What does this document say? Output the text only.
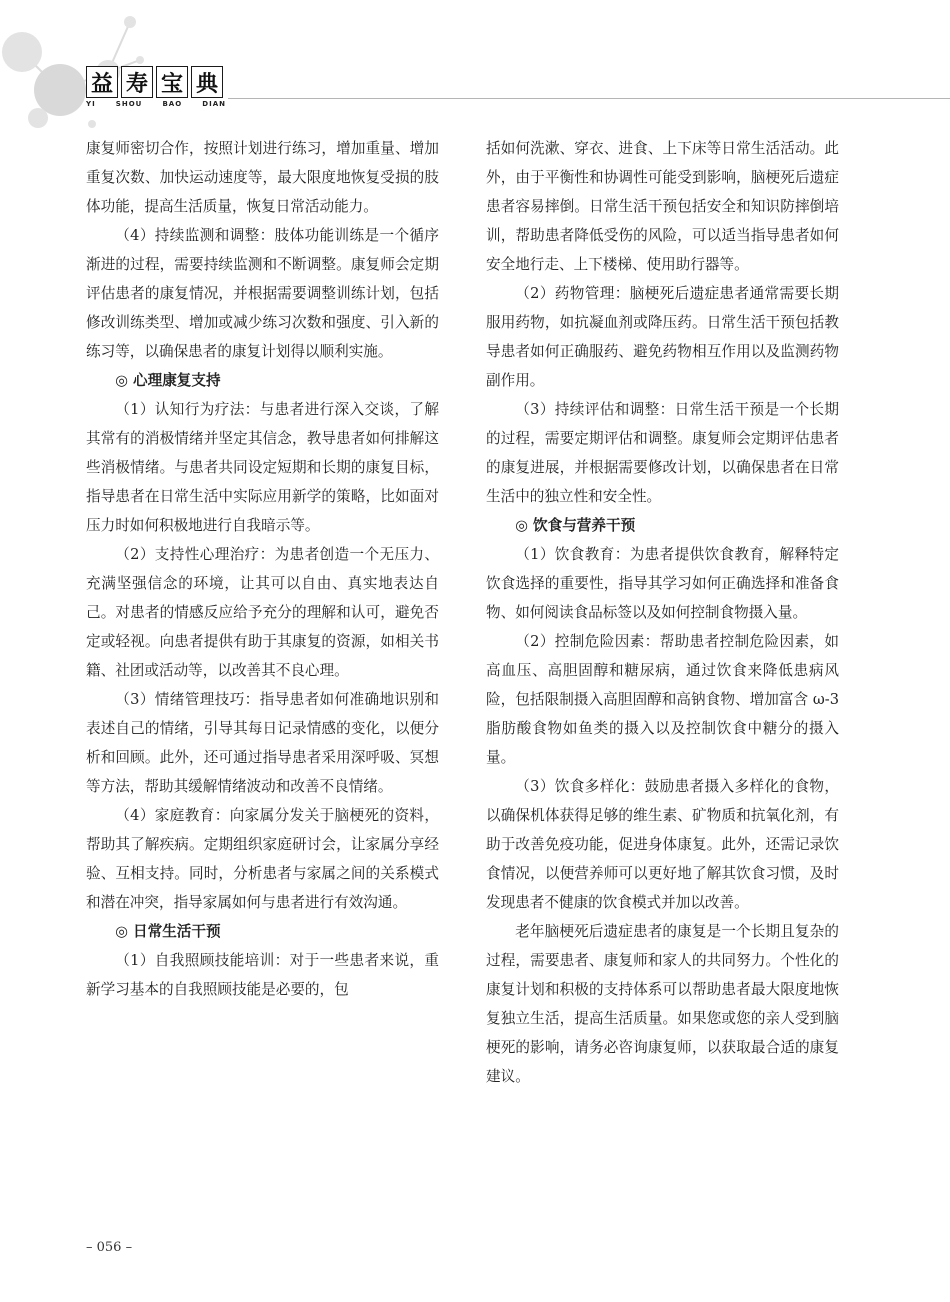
益 寿 宝 典
YI	SHOU	BAO	DIAN

康复师密切合作，按照计划进行练习，增加重量、增加重复次数、加快运动速度等，最大限度地恢复受损的肢体功能，提高生活质量，恢复日常活动能力。

（4）持续监测和调整：肢体功能训练是一个循序渐进的过程，需要持续监测和不断调整。康复师会定期评估患者的康复情况，并根据需要调整训练计划，包括修改训练类型、增加或减少练习次数和强度、引入新的练习等，以确保患者的康复计划得以顺利实施。

◎ 心理康复支持

（1）认知行为疗法：与患者进行深入交谈，了解其常有的消极情绪并坚定其信念，教导患者如何排解这些消极情绪。与患者共同设定短期和长期的康复目标，指导患者在日常生活中实际应用新学的策略，比如面对压力时如何积极地进行自我暗示等。

（2）支持性心理治疗：为患者创造一个无压力、充满坚强信念的环境，让其可以自由、真实地表达自己。对患者的情感反应给予充分的理解和认可，避免否定或轻视。向患者提供有助于其康复的资源，如相关书籍、社团或活动等，以改善其不良心理。

（3）情绪管理技巧：指导患者如何准确地识别和表述自己的情绪，引导其每日记录情感的变化，以便分析和回顾。此外，还可通过指导患者采用深呼吸、冥想等方法，帮助其缓解情绪波动和改善不良情绪。

（4）家庭教育：向家属分发关于脑梗死的资料，帮助其了解疾病。定期组织家庭研讨会，让家属分享经验、互相支持。同时，分析患者与家属之间的关系模式和潜在冲突，指导家属如何与患者进行有效沟通。

◎ 日常生活干预

（1）自我照顾技能培训：对于一些患者来说，重新学习基本的自我照顾技能是必要的，包

括如何洗漱、穿衣、进食、上下床等日常生活活动。此外，由于平衡性和协调性可能受到影响，脑梗死后遗症患者容易摔倒。日常生活干预包括安全和知识防摔倒培训，帮助患者降低受伤的风险，可以适当指导患者如何安全地行走、上下楼梯、使用助行器等。

（2）药物管理：脑梗死后遗症患者通常需要长期服用药物，如抗凝血剂或降压药。日常生活干预包括教导患者如何正确服药、避免药物相互作用以及监测药物副作用。

（3）持续评估和调整：日常生活干预是一个长期的过程，需要定期评估和调整。康复师会定期评估患者的康复进展，并根据需要修改计划，以确保患者在日常生活中的独立性和安全性。

◎ 饮食与营养干预

（1）饮食教育：为患者提供饮食教育，解释特定饮食选择的重要性，指导其学习如何正确选择和准备食物、如何阅读食品标签以及如何控制食物摄入量。

（2）控制危险因素：帮助患者控制危险因素，如高血压、高胆固醇和糖尿病，通过饮食来降低患病风险，包括限制摄入高胆固醇和高钠食物、增加富含 ω-3 脂肪酸食物如鱼类的摄入以及控制饮食中糖分的摄入量。

（3）饮食多样化：鼓励患者摄入多样化的食物，以确保机体获得足够的维生素、矿物质和抗氧化剂，有助于改善免疫功能，促进身体康复。此外，还需记录饮食情况，以便营养师可以更好地了解其饮食习惯，及时发现患者不健康的饮食模式并加以改善。

老年脑梗死后遗症患者的康复是一个长期且复杂的过程，需要患者、康复师和家人的共同努力。个性化的康复计划和积极的支持体系可以帮助患者最大限度地恢复独立生活，提高生活质量。如果您或您的亲人受到脑梗死的影响，请务必咨询康复师，以获取最合适的康复建议。

– 056 –
